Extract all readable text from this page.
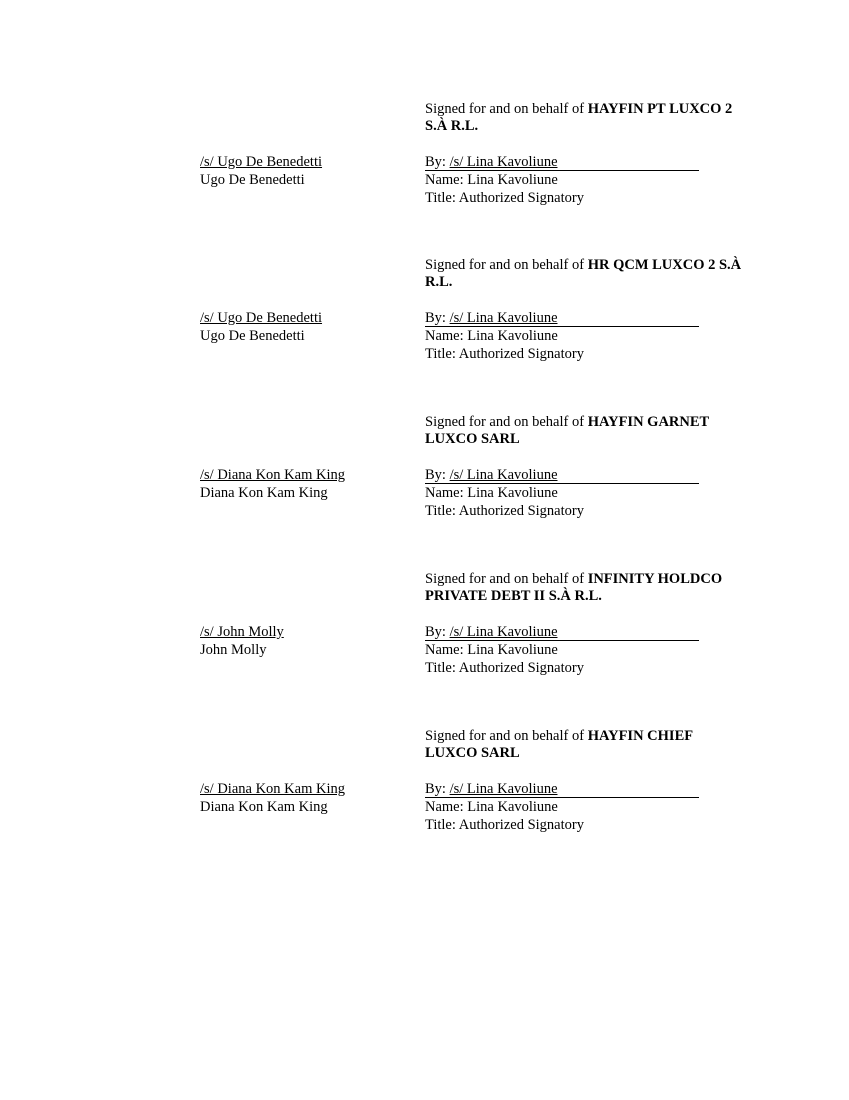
Signed for and on behalf of HAYFIN PT LUXCO 2 S.À R.L.
/s/ Ugo De Benedetti
Ugo De Benedetti
By: /s/ Lina Kavoliune
Name: Lina Kavoliune
Title: Authorized Signatory
Signed for and on behalf of HR QCM LUXCO 2 S.À R.L.
/s/ Ugo De Benedetti
Ugo De Benedetti
By: /s/ Lina Kavoliune
Name: Lina Kavoliune
Title: Authorized Signatory
Signed for and on behalf of HAYFIN GARNET LUXCO SARL
/s/ Diana Kon Kam King
Diana Kon Kam King
By: /s/ Lina Kavoliune
Name: Lina Kavoliune
Title: Authorized Signatory
Signed for and on behalf of INFINITY HOLDCO PRIVATE DEBT II S.À R.L.
/s/ John Molly
John Molly
By: /s/ Lina Kavoliune
Name: Lina Kavoliune
Title: Authorized Signatory
Signed for and on behalf of HAYFIN CHIEF LUXCO SARL
/s/ Diana Kon Kam King
Diana Kon Kam King
By: /s/ Lina Kavoliune
Name: Lina Kavoliune
Title: Authorized Signatory
